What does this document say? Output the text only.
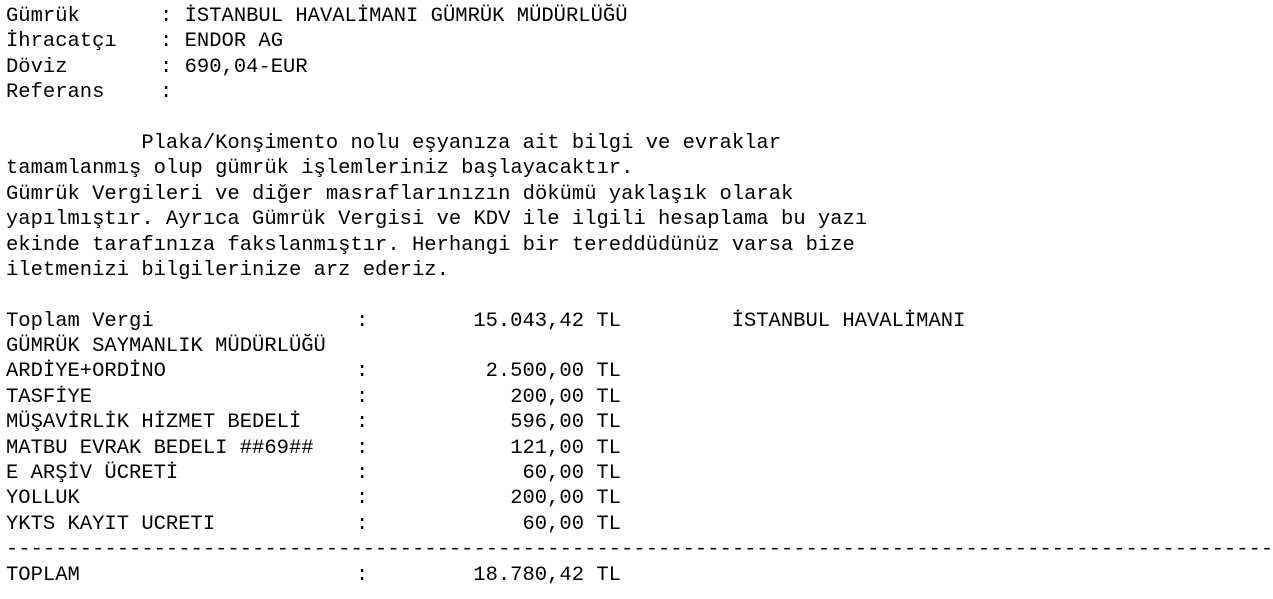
Gümrük	: İSTANBUL HAVALİMANI GÜMRÜK MÜDÜRLÜĞÜ
İhracatçı : ENDOR AG
Döviz	: 690,04-EUR
Referans	:
Plaka/Konşimento nolu eşyanıza ait bilgi ve evraklar
tamamlanmış olup gümrük işlemleriniz başlayacaktır.
Gümrük Vergileri ve diğer masraflarınızın dökümü yaklaşık olarak
yapılmıştır. Ayrıca Gümrük Vergisi ve KDV ile ilgili hesaplama bu yazı
ekinde tarafınıza fakslanmıştır. Herhangi bir tereddüdünüz varsa bize
iletmenizi bilgilerinize arz ederiz.
Toplam Vergi	:	15.043,42 TL	İSTANBUL HAVALİMANI
GÜMRÜK SAYMANLIK MÜDÜRLÜĞÜ
ARDİYE+ORDİNO	:	2.500,00 TL
TASFİYE	:	200,00 TL
MÜŞAVİRLİK HİZMET BEDELİ	:	596,00 TL
MATBU EVRAK BEDELI ##69## :	121,00 TL
E ARŞİV ÜCRETİ	:	60,00 TL
YOLLUK	:	200,00 TL
YKTS KAYIT UCRETI	:	60,00 TL
-------------------------------------------------------------------------------------------------------
TOPLAM	:	18.780,42 TL
